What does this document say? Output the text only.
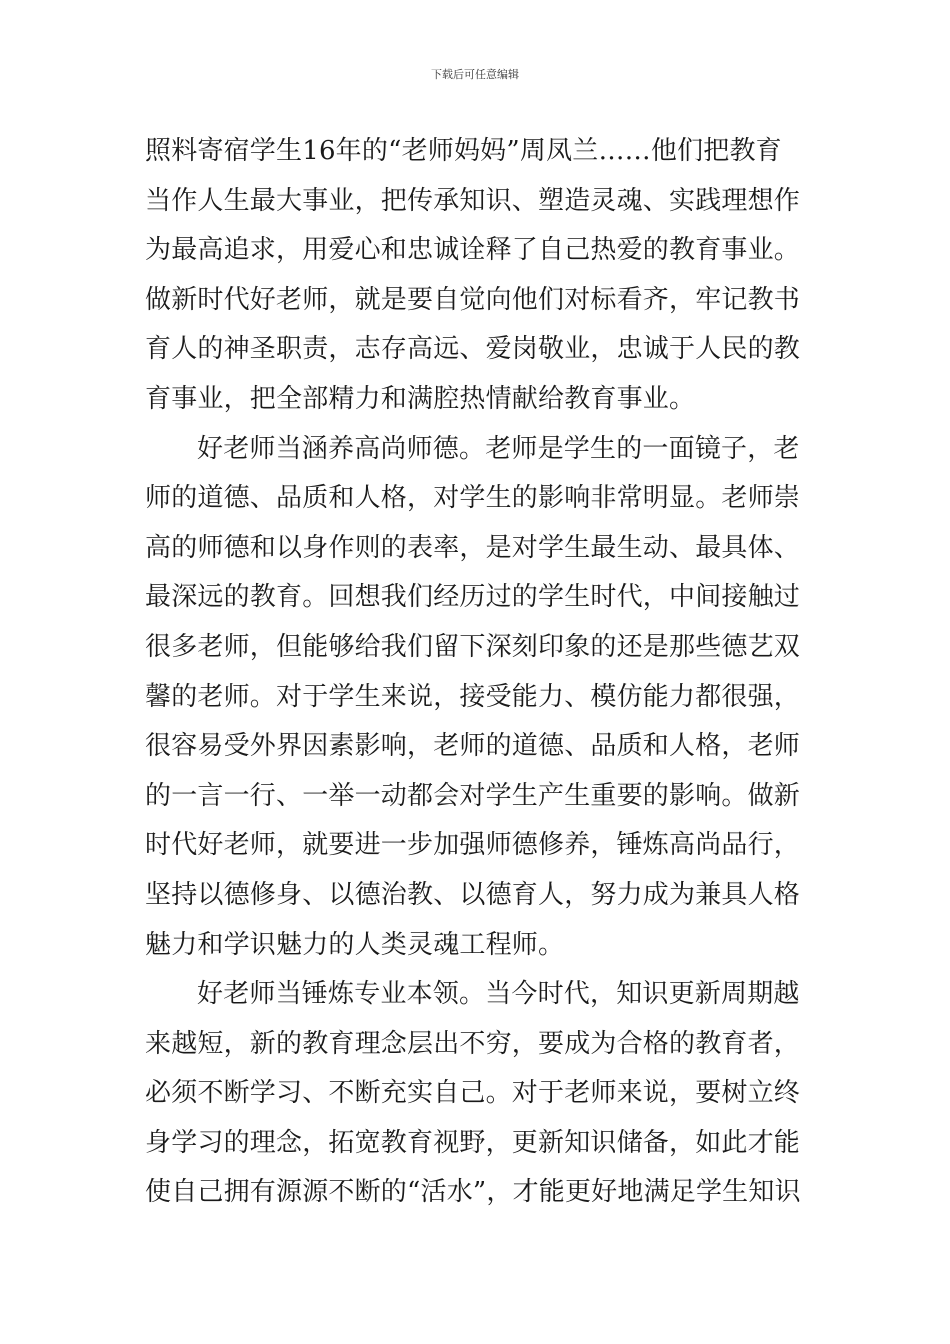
下载后可任意编辑
照料寄宿学生16年的“老师妈妈”周凤兰……他们把教育
当作人生最大事业，把传承知识、塑造灵魂、实践理想作
为最高追求，用爱心和忠诚诠释了自己热爱的教育事业。
做新时代好老师，就是要自觉向他们对标看齐，牢记教书
育人的神圣职责，志存高远、爱岗敬业，忠诚于人民的教
育事业，把全部精力和满腔热情献给教育事业。
好老师当涵养高尚师德。老师是学生的一面镜子，老
师的道德、品质和人格，对学生的影响非常明显。老师崇
高的师德和以身作则的表率，是对学生最生动、最具体、
最深远的教育。回想我们经历过的学生时代，中间接触过
很多老师，但能够给我们留下深刻印象的还是那些德艺双
馨的老师。对于学生来说，接受能力、模仿能力都很强，
很容易受外界因素影响，老师的道德、品质和人格，老师
的一言一行、一举一动都会对学生产生重要的影响。做新
时代好老师，就要进一步加强师德修养，锤炼高尚品行，
坚持以德修身、以德治教、以德育人，努力成为兼具人格
魅力和学识魅力的人类灵魂工程师。
好老师当锤炼专业本领。当今时代，知识更新周期越
来越短，新的教育理念层出不穷，要成为合格的教育者，
必须不断学习、不断充实自己。对于老师来说，要树立终
身学习的理念，拓宽教育视野，更新知识储备，如此才能
使自己拥有源源不断的“活水”，才能更好地满足学生知识
